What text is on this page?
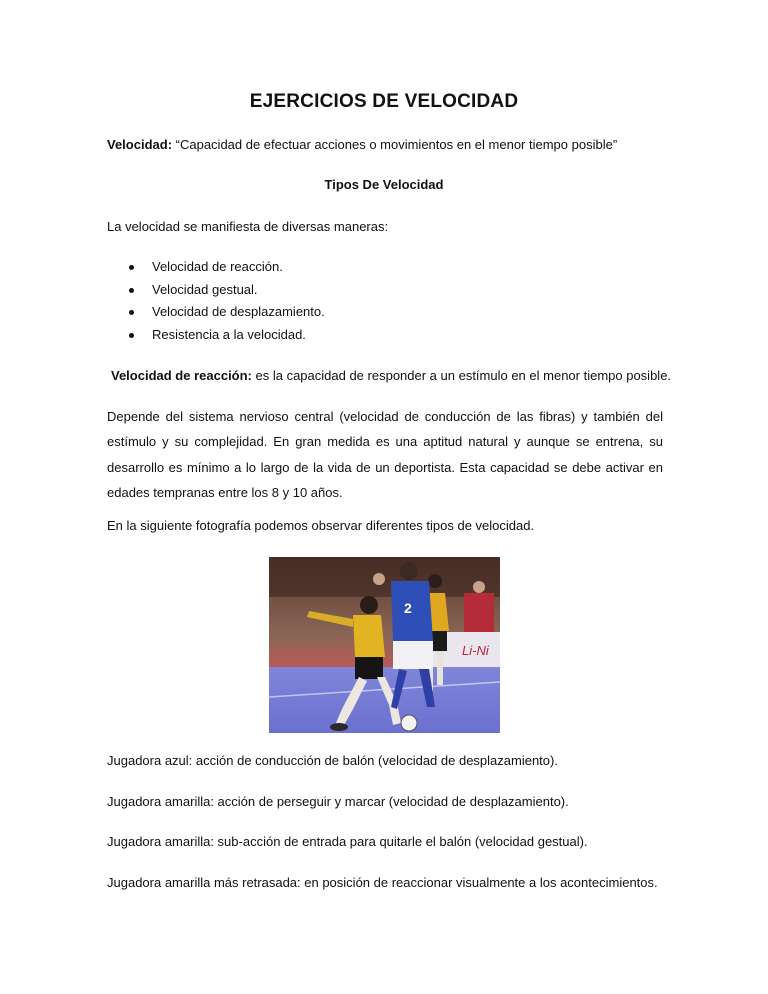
EJERCICIOS DE VELOCIDAD
Velocidad: “Capacidad de efectuar acciones o movimientos en el menor tiempo posible”
Tipos De Velocidad
La velocidad se manifiesta de diversas maneras:
Velocidad de reacción.
Velocidad gestual.
Velocidad de desplazamiento.
Resistencia a la velocidad.
Velocidad de reacción: es la capacidad de responder a un estímulo en el menor tiempo posible.
Depende del sistema nervioso central (velocidad de conducción de las fibras) y también del estímulo y su complejidad. En gran medida es una aptitud natural y aunque se entrena, su desarrollo es mínimo a lo largo de la vida de un deportista. Esta capacidad se debe activar en edades tempranas entre los 8 y 10 años.
En la siguiente fotografía podemos observar diferentes tipos de velocidad.
Li-Ni
2
Jugadora azul: acción de conducción de balón (velocidad de desplazamiento).
Jugadora amarilla: acción de perseguir y marcar (velocidad de desplazamiento).
Jugadora amarilla: sub-acción de entrada para quitarle el balón (velocidad gestual).
Jugadora amarilla más retrasada: en posición de reaccionar visualmente a los acontecimientos.
